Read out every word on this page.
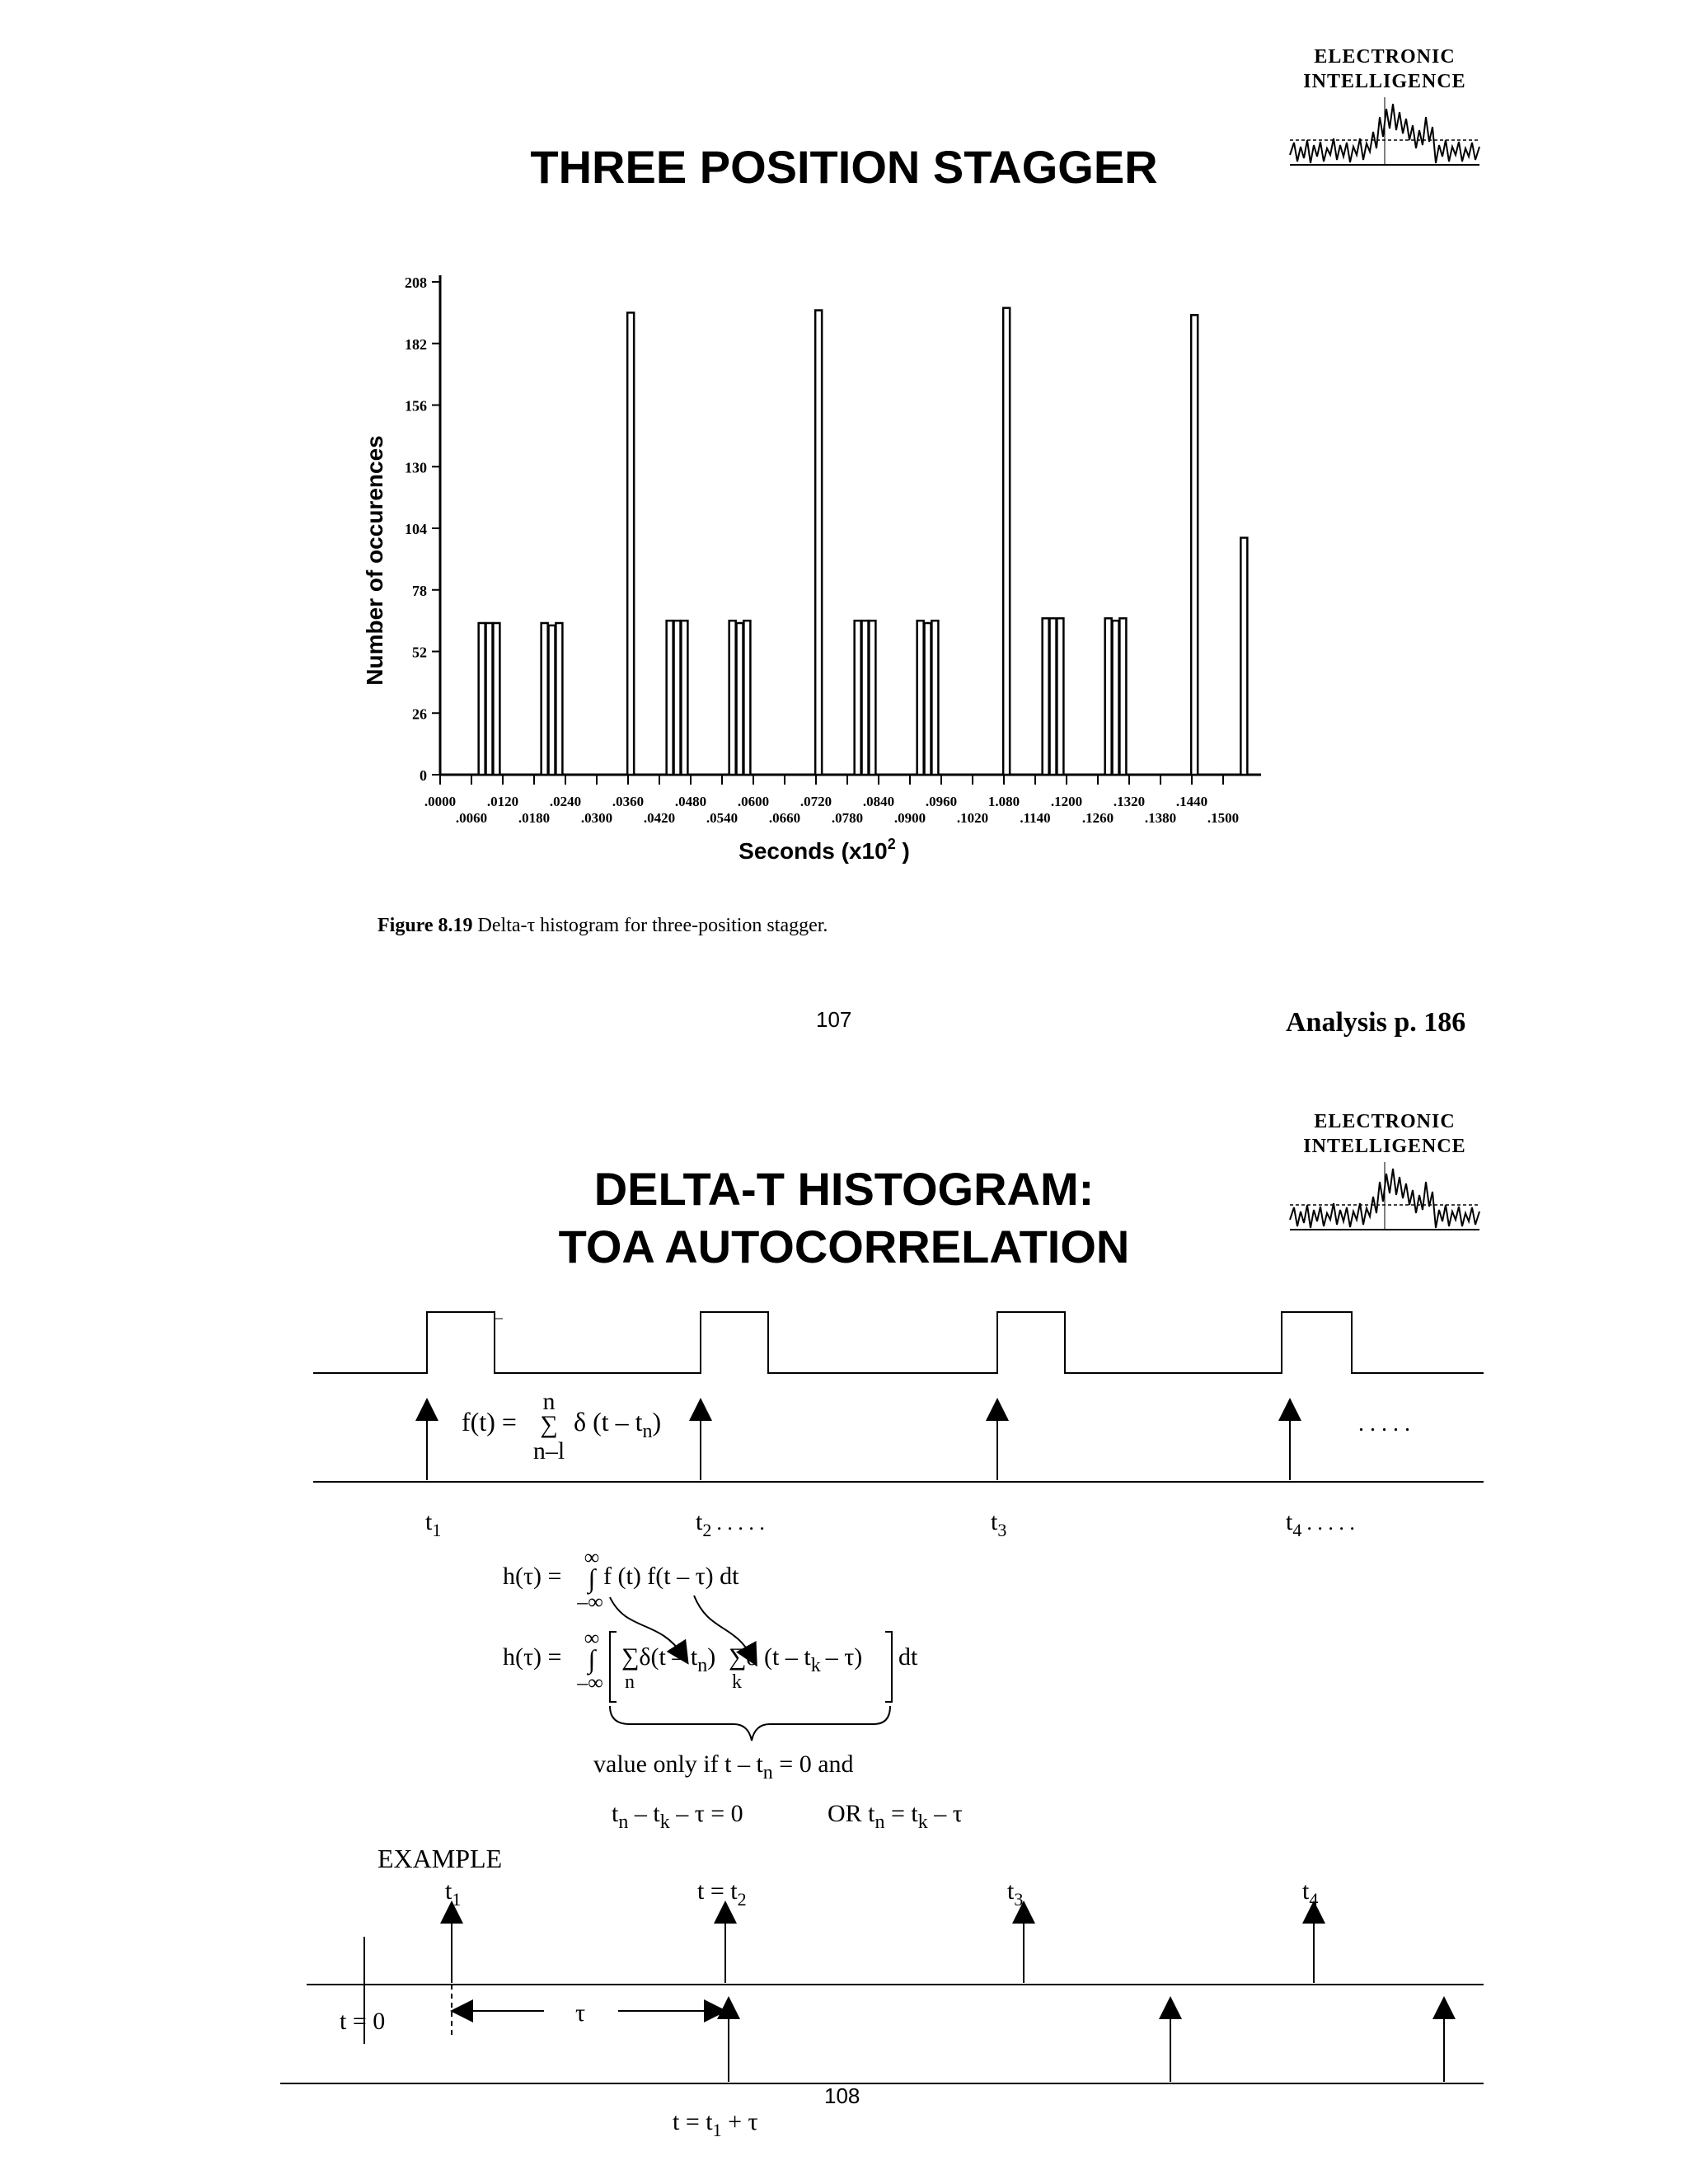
ELECTRONIC
INTELLIGENCE
THREE POSITION STAGGER
0
26
52
78
104
130
156
182
208
.0000
.0060
.0120
.0180
.0240
.0300
.0360
.0420
.0480
.0540
.0600
.0660
.0720
.0780
.0840
.0900
.0960
.1020
1.080
.1140
.1200
.1260
.1320
.1380
.1440
.1500
Number of occurences
Seconds ($x10^2$ )
Figure 8.19 Delta-τ histogram for three-position stagger.
107	Analysis p. 186
ELECTRONIC
INTELLIGENCE
DELTA-T HISTOGRAM:
TOA AUTOCORRELATION
f(t) =
n
∑
n–l
δ $(t - t_n)$	. . . . .
$t_1$	$t_2$ . . . . .	$t_3$	$t_4$ . . . . .
h(τ) =
∞
∫
–∞
f (t) f(t – τ) dt
h(τ) =
∞
∫
–∞
$\sum\delta(t - t_n)$
n
∑δ $(t - t_k - \tau)$
k
dt
value only if $t - t_n = 0$ and
$t_n - t_k - \tau = 0$	OR $t_n = t_k - \tau$
EXAMPLE
$t_1$	$t = t_2$	$t_3$	$t_4$
t = 0	τ
$t = t_1 + \tau$
108
